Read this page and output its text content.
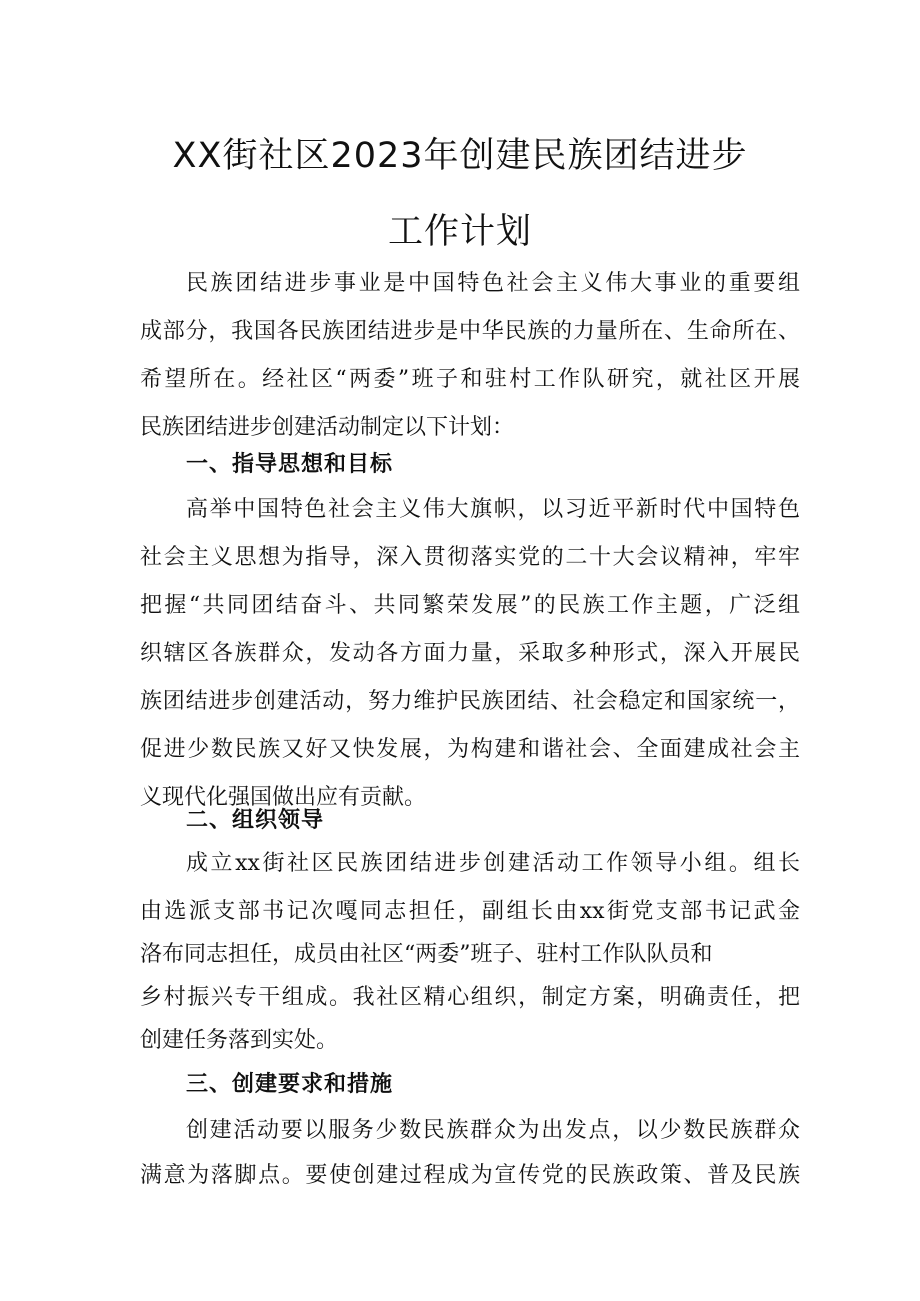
XX街社区2023年创建民族团结进步
工作计划
民族团结进步事业是中国特色社会主义伟大事业的重要组
成部分，我国各民族团结进步是中华民族的力量所在、生命所在、
希望所在。经社区“两委”班子和驻村工作队研究，就社区开展
民族团结进步创建活动制定以下计划：
一、指导思想和目标
高举中国特色社会主义伟大旗帜，以习近平新时代中国特色
社会主义思想为指导，深入贯彻落实党的二十大会议精神，牢牢
把握“共同团结奋斗、共同繁荣发展”的民族工作主题，广泛组
织辖区各族群众，发动各方面力量，采取多种形式，深入开展民
族团结进步创建活动，努力维护民族团结、社会稳定和国家统一，
促进少数民族又好又快发展，为构建和谐社会、全面建成社会主
义现代化强国做出应有贡献。
二、组织领导
成立xx街社区民族团结进步创建活动工作领导小组。组长
由选派支部书记次嘎同志担任，副组长由xx街党支部书记武金
洛布同志担任，成员由社区“两委”班子、驻村工作队队员和
乡村振兴专干组成。我社区精心组织，制定方案，明确责任，把
创建任务落到实处。
三、创建要求和措施
创建活动要以服务少数民族群众为出发点，以少数民族群众
满意为落脚点。要使创建过程成为宣传党的民族政策、普及民族
